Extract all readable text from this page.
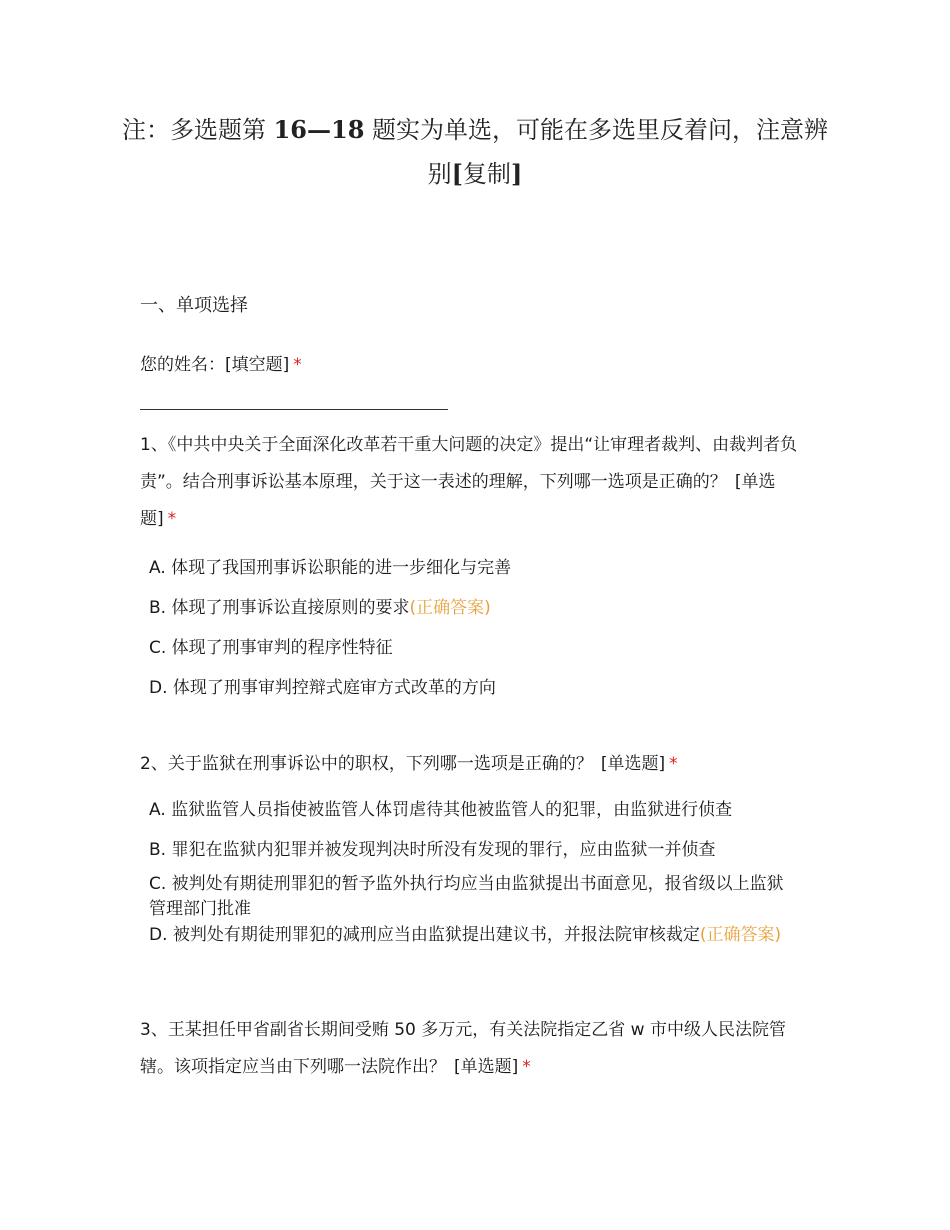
注：多选题第 16—18 题实为单选，可能在多选里反着问，注意辨别[复制]
一、单项选择
您的姓名：[填空题] *
1、《中共中央关于全面深化改革若干重大问题的决定》提出“让审理者裁判、由裁判者负责”。结合刑事诉讼基本原理，关于这一表述的理解，下列哪一选项是正确的？ [单选题] *
A. 体现了我国刑事诉讼职能的进一步细化与完善
B. 体现了刑事诉讼直接原则的要求(正确答案)
C. 体现了刑事审判的程序性特征
D. 体现了刑事审判控辩式庭审方式改革的方向
2、关于监狱在刑事诉讼中的职权，下列哪一选项是正确的？ [单选题] *
A. 监狱监管人员指使被监管人体罚虐待其他被监管人的犯罪，由监狱进行侦查
B. 罪犯在监狱内犯罪并被发现判决时所没有发现的罪行，应由监狱一并侦查
C. 被判处有期徒刑罪犯的暂予监外执行均应当由监狱提出书面意见，报省级以上监狱管理部门批准
D. 被判处有期徒刑罪犯的减刑应当由监狱提出建议书，并报法院审核裁定(正确答案)
3、王某担任甲省副省长期间受贿 50 多万元，有关法院指定乙省 w 市中级人民法院管辖。该项指定应当由下列哪一法院作出？ [单选题] *
